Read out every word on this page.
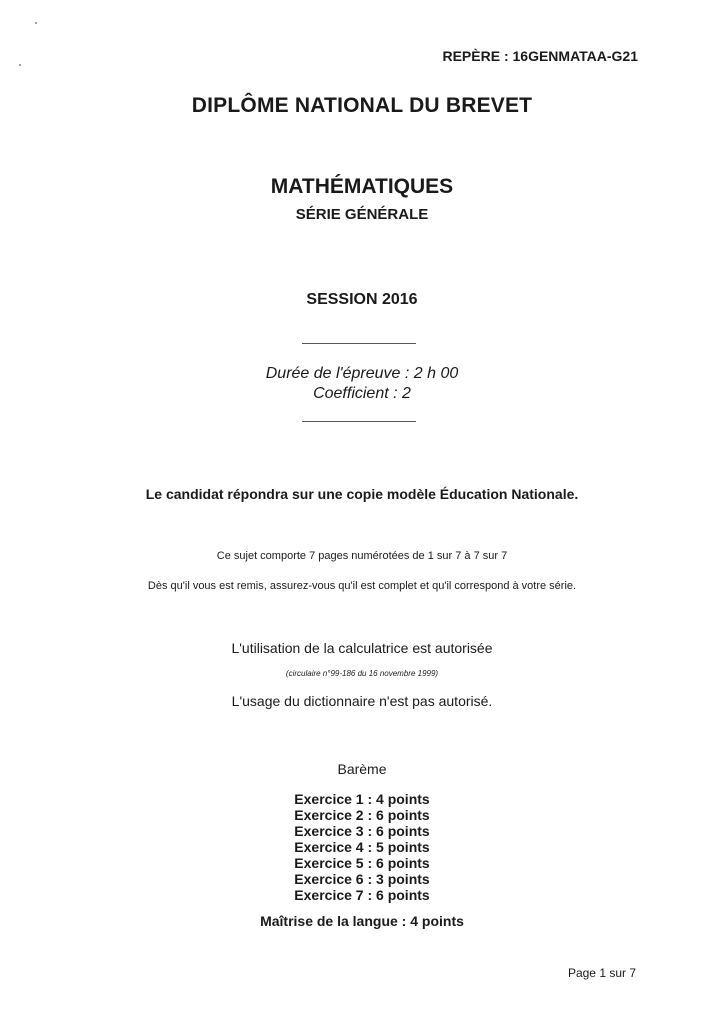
REPÈRE : 16GENMATAA-G21
DIPLÔME NATIONAL DU BREVET
MATHÉMATIQUES
SÉRIE GÉNÉRALE
SESSION 2016
Durée de l'épreuve : 2 h 00
Coefficient : 2
Le candidat répondra sur une copie modèle Éducation Nationale.
Ce sujet comporte 7 pages numérotées de 1 sur 7 à 7 sur 7
Dès qu'il vous est remis, assurez-vous qu'il est complet et qu'il correspond à votre série.
L'utilisation de la calculatrice est autorisée
(circulaire n°99-186 du 16 novembre 1999)
L'usage du dictionnaire n'est pas autorisé.
Barème
Exercice 1 : 4 points
Exercice 2 : 6 points
Exercice 3 : 6 points
Exercice 4 : 5 points
Exercice 5 : 6 points
Exercice 6 : 3 points
Exercice 7 : 6 points
Maîtrise de la langue : 4 points
Page 1 sur 7
